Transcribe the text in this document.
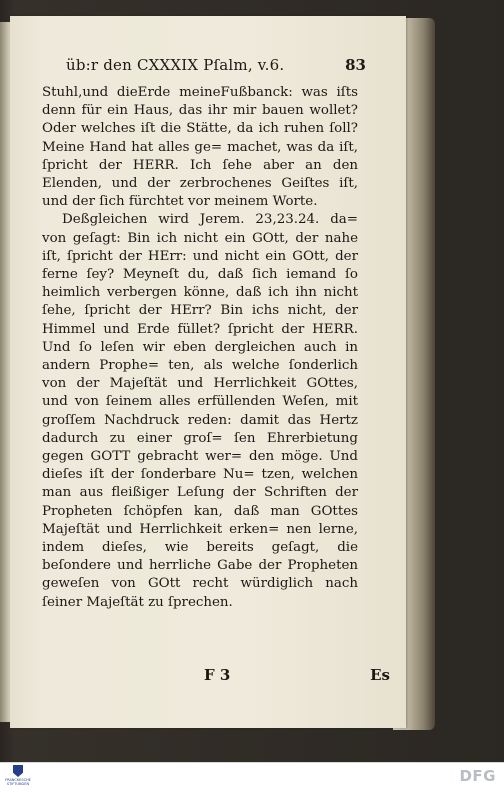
üb:r den CXXXIX Pſalm, v.6.	83

Stuhl,und dieErde meineFußbanck: was iſts denn für ein Haus, das ihr mir bauen wollet? Oder welches iſt die Stätte, da ich ruhen ſoll? Meine Hand hat alles ge= machet, was da iſt, ſpricht der HERR. Ich ſehe aber an den Elenden, und der zerbrochenes Geiſtes iſt, und der ſich fürchtet vor meinem Worte.

Deßgleichen wird Jerem. 23,23.24. da= von geſagt: Bin ich nicht ein GOtt, der nahe iſt, ſpricht der HErr: und nicht ein GOtt, der ferne ſey? Meyneſt du, daß ſich iemand ſo heimlich verbergen könne, daß ich ihn nicht ſehe, ſpricht der HErr? Bin ichs nicht, der Himmel und Erde füllet? ſpricht der HERR. Und ſo leſen wir eben dergleichen auch in andern Prophe= ten, als welche ſonderlich von der Majeſtät und Herrlichkeit GOttes, und von ſeinem alles erfüllenden Weſen, mit groſſem Nachdruck reden: damit das Hertz dadurch zu einer groſ= ſen Ehrerbietung gegen GOTT gebracht wer= den möge. Und dieſes iſt der ſonderbare Nu= tzen, welchen man aus fleißiger Leſung der Schriften der Propheten ſchöpfen kan, daß man GOttes Majeſtät und Herrlichkeit erken= nen lerne, indem dieſes, wie bereits geſagt, die beſondere und herrliche Gabe der Propheten geweſen von GOtt recht würdiglich nach ſeiner Majeſtät zu ſprechen.

F 3	Es
FRANCKESCHE STIFTUNGEN	DFG
